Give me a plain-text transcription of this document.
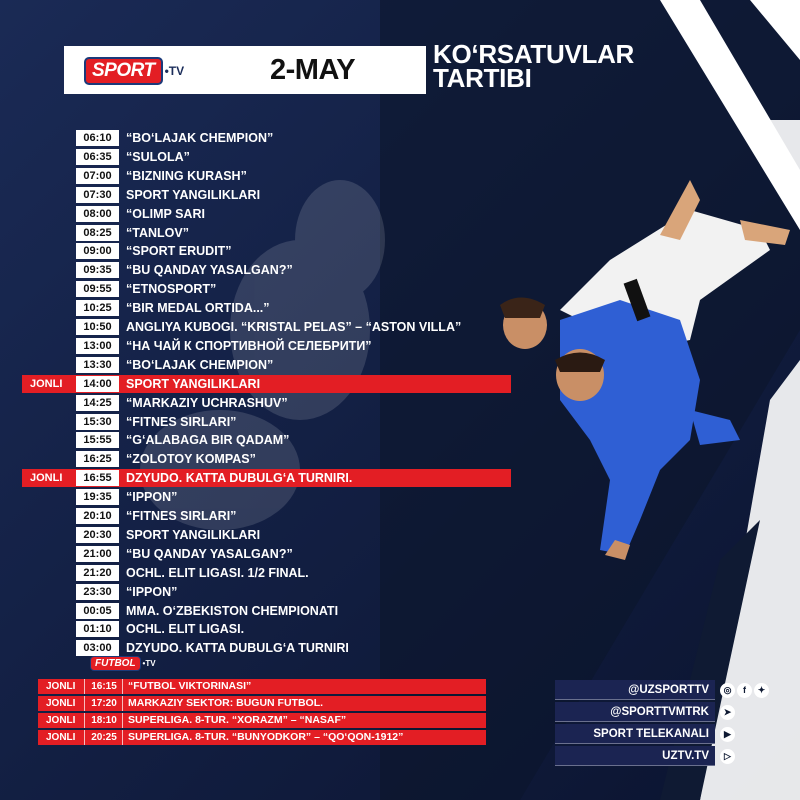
SPORT •TV	2-MAY	KO‘RSATUVLAR
TARTIBI
06:10	“BO‘LAJAK CHEMPION”
06:35	“SULOLA”
07:00	“BIZNING KURASH”
07:30	SPORT YANGILIKLARI
08:00	“OLIMP SARI
08:25	“TANLOV”
09:00	“SPORT ERUDIT”
09:35	“BU QANDAY YASALGAN?”
09:55	“ETNOSPORT”
10:25	“BIR MEDAL ORTIDA...”
10:50	ANGLIYA KUBOGI. “KRISTAL PELAS” – “ASTON VILLA”
13:00	“НА ЧАЙ К СПОРТИВНОЙ СЕЛЕБРИТИ”
13:30	“BO‘LAJAK CHEMPION”
JONLI	14:00	SPORT YANGILIKLARI
14:25	“MARKAZIY UCHRASHUV”
15:30	“FITNES SIRLARI”
15:55	“G‘ALABAGA BIR QADAM”
16:25	“ZOLOTOY KOMPAS”
JONLI	16:55	DZYUDO. KATTA DUBULG‘A TURNIRI.
19:35	“IPPON”
20:10	“FITNES SIRLARI”
20:30	SPORT YANGILIKLARI
21:00	“BU QANDAY YASALGAN?”
21:20	OCHL. ELIT LIGASI. 1/2 FINAL.
23:30	“IPPON”
00:05	MMA. O‘ZBEKISTON CHEMPIONATI
01:10	OCHL. ELIT LIGASI.
03:00	DZYUDO. KATTA DUBULG‘A TURNIRI
FUTBOL •TV
JONLI	16:15	“FUTBOL VIKTORINASI”
JONLI	17:20	MARKAZIY SEKTOR: BUGUN FUTBOL.
JONLI	18:10	SUPERLIGA. 8-TUR. “XORAZM” – “NASAF”
JONLI	20:25	SUPERLIGA. 8-TUR. “BUNYODKOR” – “QO‘QON-1912”
@UZSPORTTV
@SPORTTVMTRK
SPORT TELEKANALI
UZTV.TV
◎	f	✦
➤
▶
▷
